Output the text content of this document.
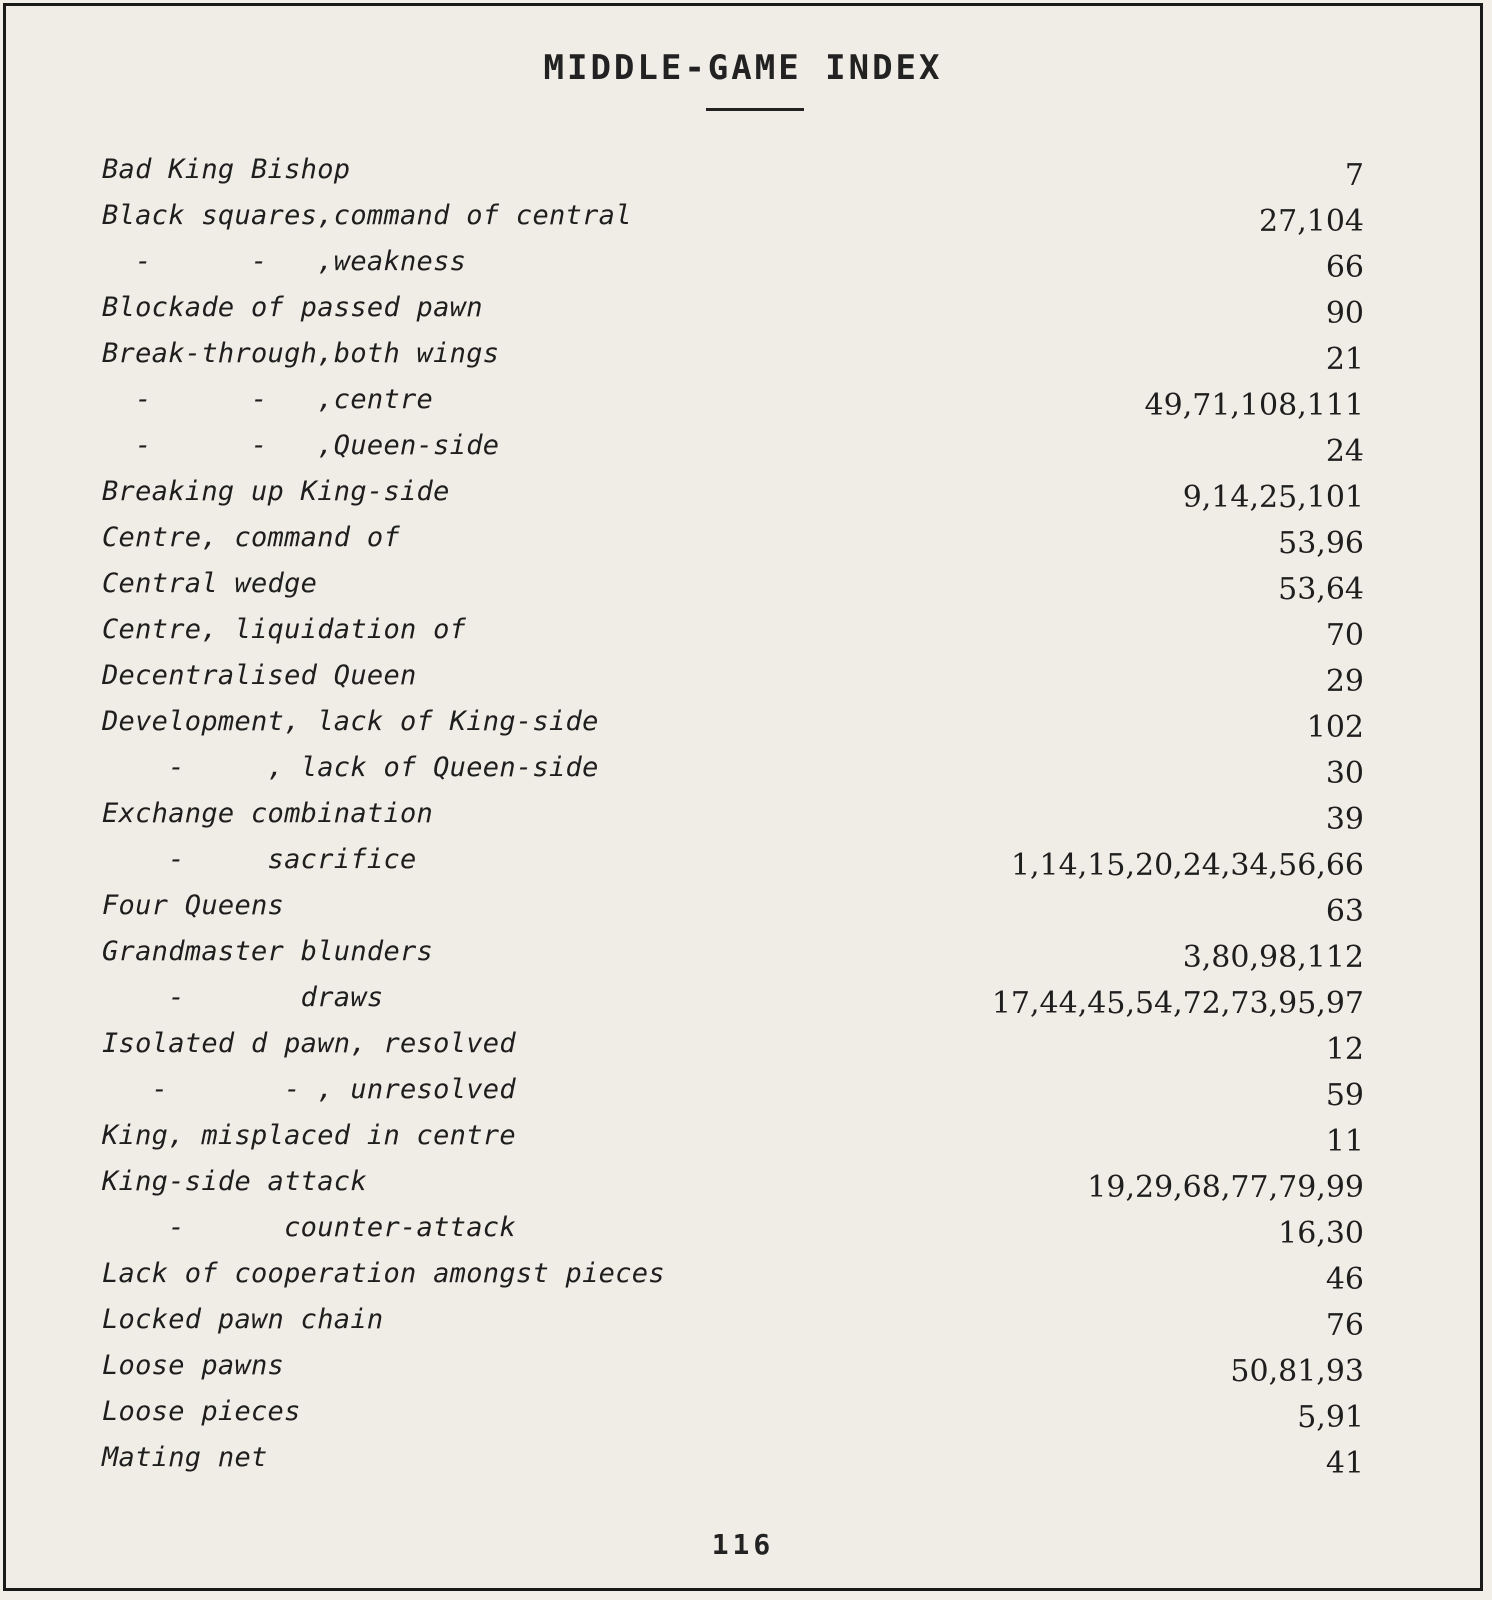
MIDDLE-GAME INDEX
Bad King Bishop	7
Black squares,command of central	27,104
-      -   ,weakness	66
Blockade of passed pawn	90
Break-through,both wings	21
-      -   ,centre	49,71,108,111
-      -   ,Queen-side	24
Breaking up King-side	9,14,25,101
Centre, command of	53,96
Central wedge	53,64
Centre, liquidation of	70
Decentralised Queen	29
Development, lack of King-side	102
-     , lack of Queen-side	30
Exchange combination	39
-     sacrifice	1,14,15,20,24,34,56,66
Four Queens	63
Grandmaster blunders	3,80,98,112
-       draws	17,44,45,54,72,73,95,97
Isolated d pawn, resolved	12
-       - , unresolved	59
King, misplaced in centre	11
King-side attack	19,29,68,77,79,99
-      counter-attack	16,30
Lack of cooperation amongst pieces	46
Locked pawn chain	76
Loose pawns	50,81,93
Loose pieces	5,91
Mating net	41
116
